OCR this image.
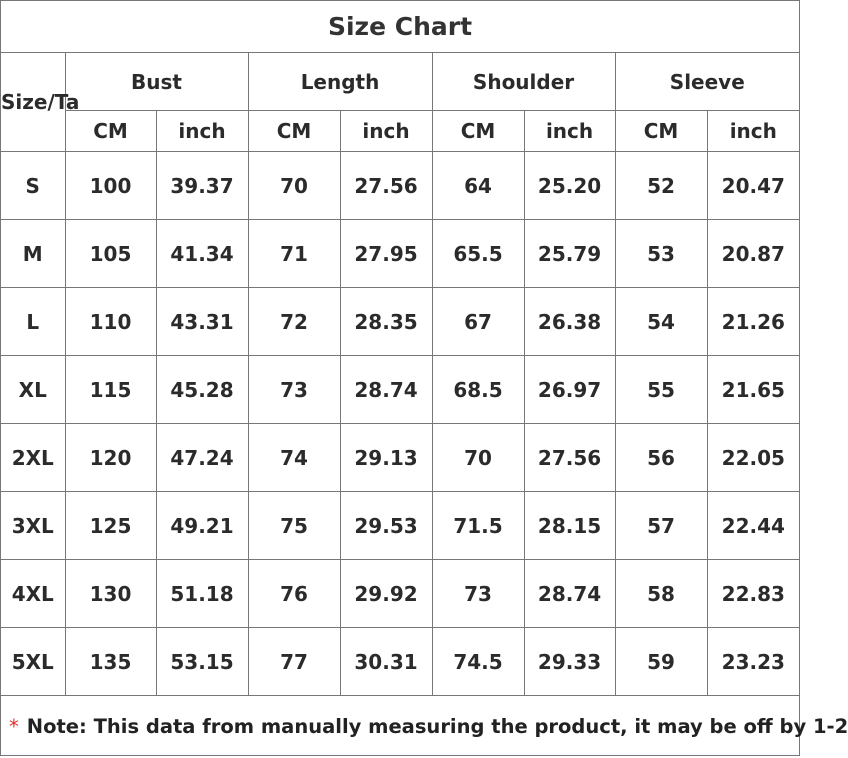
Size Chart
Size/Ta	Bust		Length		Shoulder		Sleeve	
	CM	inch	CM	inch	CM	inch	CM	inch
S	100	39.37	70	27.56	64	25.20	52	20.47
M	105	41.34	71	27.95	65.5	25.79	53	20.87
L	110	43.31	72	28.35	67	26.38	54	21.26
XL	115	45.28	73	28.74	68.5	26.97	55	21.65
2XL	120	47.24	74	29.13	70	27.56	56	22.05
3XL	125	49.21	75	29.53	71.5	28.15	57	22.44
4XL	130	51.18	76	29.92	73	28.74	58	22.83
5XL	135	53.15	77	30.31	74.5	29.33	59	23.23
* Note: This data from manually measuring the product, it may be off by 1-2
